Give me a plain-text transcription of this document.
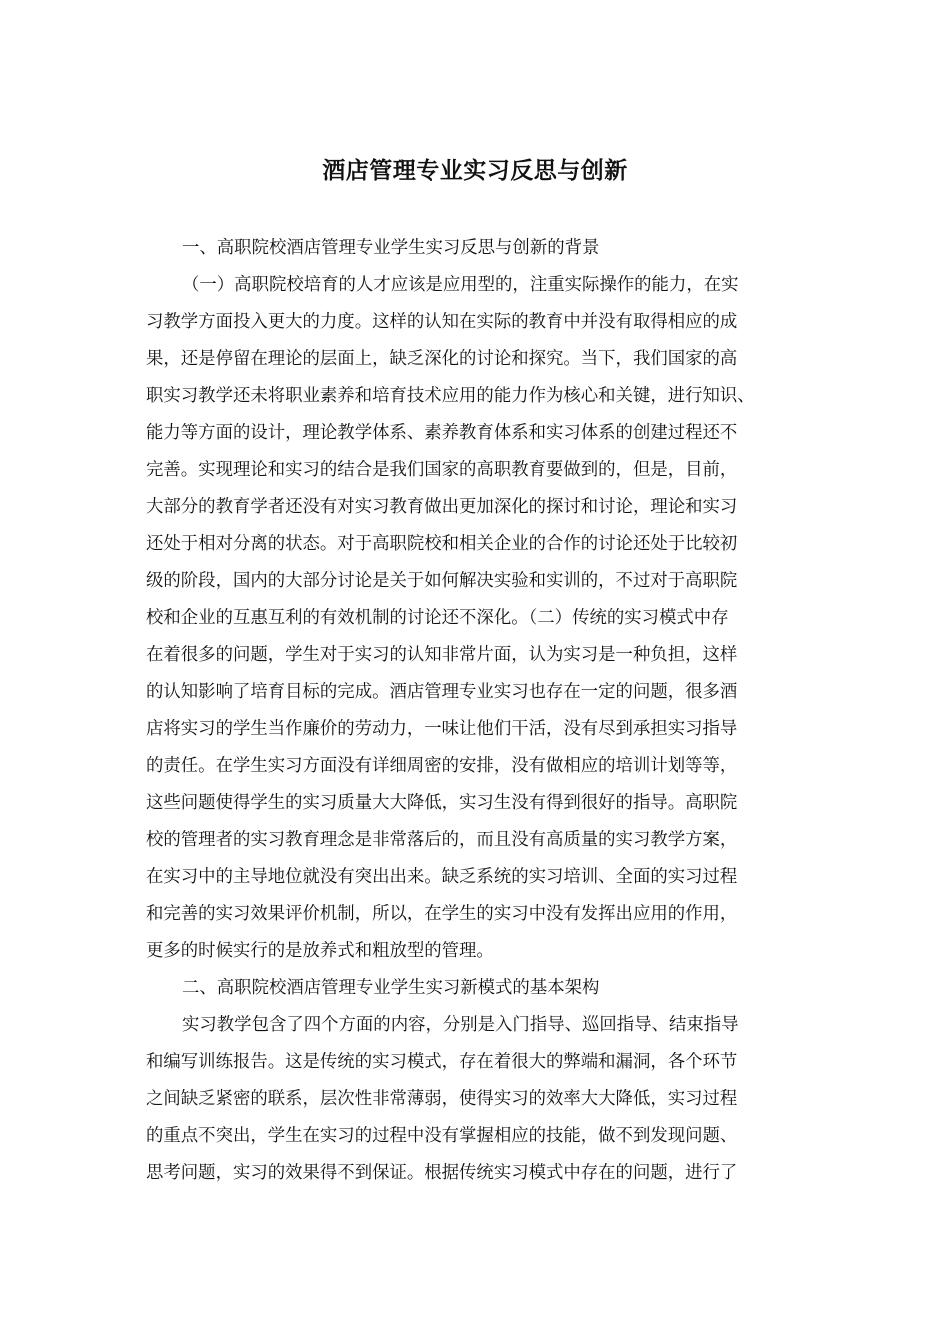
酒店管理专业实习反思与创新
一、高职院校酒店管理专业学生实习反思与创新的背景
（一）高职院校培育的人才应该是应用型的，注重实际操作的能力，在实
习教学方面投入更大的力度。这样的认知在实际的教育中并没有取得相应的成
果，还是停留在理论的层面上，缺乏深化的讨论和探究。当下，我们国家的高
职实习教学还未将职业素养和培育技术应用的能力作为核心和关键，进行知识、
能力等方面的设计，理论教学体系、素养教育体系和实习体系的创建过程还不
完善。实现理论和实习的结合是我们国家的高职教育要做到的，但是，目前，
大部分的教育学者还没有对实习教育做出更加深化的探讨和讨论，理论和实习
还处于相对分离的状态。对于高职院校和相关企业的合作的讨论还处于比较初
级的阶段，国内的大部分讨论是关于如何解决实验和实训的，不过对于高职院
校和企业的互惠互利的有效机制的讨论还不深化。（二）传统的实习模式中存
在着很多的问题，学生对于实习的认知非常片面，认为实习是一种负担，这样
的认知影响了培育目标的完成。酒店管理专业实习也存在一定的问题，很多酒
店将实习的学生当作廉价的劳动力，一味让他们干活，没有尽到承担实习指导
的责任。在学生实习方面没有详细周密的安排，没有做相应的培训计划等等，
这些问题使得学生的实习质量大大降低，实习生没有得到很好的指导。高职院
校的管理者的实习教育理念是非常落后的，而且没有高质量的实习教学方案，
在实习中的主导地位就没有突出出来。缺乏系统的实习培训、全面的实习过程
和完善的实习效果评价机制，所以，在学生的实习中没有发挥出应用的作用，
更多的时候实行的是放养式和粗放型的管理。
二、高职院校酒店管理专业学生实习新模式的基本架构
实习教学包含了四个方面的内容，分别是入门指导、巡回指导、结束指导
和编写训练报告。这是传统的实习模式，存在着很大的弊端和漏洞，各个环节
之间缺乏紧密的联系，层次性非常薄弱，使得实习的效率大大降低，实习过程
的重点不突出，学生在实习的过程中没有掌握相应的技能，做不到发现问题、
思考问题，实习的效果得不到保证。根据传统实习模式中存在的问题，进行了
